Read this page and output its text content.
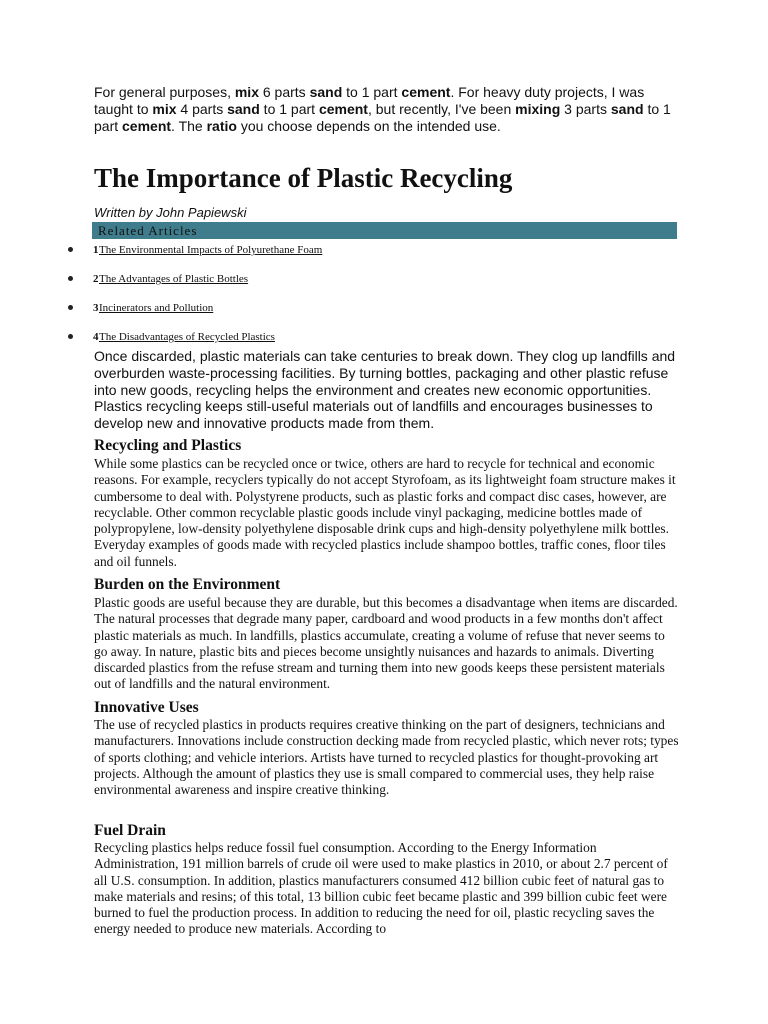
For general purposes, mix 6 parts sand to 1 part cement. For heavy duty projects, I was taught to mix 4 parts sand to 1 part cement, but recently, I've been mixing 3 parts sand to 1 part cement. The ratio you choose depends on the intended use.
The Importance of Plastic Recycling
Written by John Papiewski
Related Articles
1 The Environmental Impacts of Polyurethane Foam
2 The Advantages of Plastic Bottles
3 Incinerators and Pollution
4 The Disadvantages of Recycled Plastics
Once discarded, plastic materials can take centuries to break down. They clog up landfills and overburden waste-processing facilities. By turning bottles, packaging and other plastic refuse into new goods, recycling helps the environment and creates new economic opportunities. Plastics recycling keeps still-useful materials out of landfills and encourages businesses to develop new and innovative products made from them.
Recycling and Plastics

While some plastics can be recycled once or twice, others are hard to recycle for technical and economic reasons. For example, recyclers typically do not accept Styrofoam, as its lightweight foam structure makes it cumbersome to deal with. Polystyrene products, such as plastic forks and compact disc cases, however, are recyclable. Other common recyclable plastic goods include vinyl packaging, medicine bottles made of polypropylene, low-density polyethylene disposable drink cups and high-density polyethylene milk bottles. Everyday examples of goods made with recycled plastics include shampoo bottles, traffic cones, floor tiles and oil funnels.

Burden on the Environment

Plastic goods are useful because they are durable, but this becomes a disadvantage when items are discarded. The natural processes that degrade many paper, cardboard and wood products in a few months don't affect plastic materials as much. In landfills, plastics accumulate, creating a volume of refuse that never seems to go away. In nature, plastic bits and pieces become unsightly nuisances and hazards to animals. Diverting discarded plastics from the refuse stream and turning them into new goods keeps these persistent materials out of landfills and the natural environment.

Innovative Uses

The use of recycled plastics in products requires creative thinking on the part of designers, technicians and manufacturers. Innovations include construction decking made from recycled plastic, which never rots; types of sports clothing; and vehicle interiors. Artists have turned to recycled plastics for thought-provoking art projects. Although the amount of plastics they use is small compared to commercial uses, they help raise environmental awareness and inspire creative thinking.

Fuel Drain

Recycling plastics helps reduce fossil fuel consumption. According to the Energy Information Administration, 191 million barrels of crude oil were used to make plastics in 2010, or about 2.7 percent of all U.S. consumption. In addition, plastics manufacturers consumed 412 billion cubic feet of natural gas to make materials and resins; of this total, 13 billion cubic feet became plastic and 399 billion cubic feet were burned to fuel the production process. In addition to reducing the need for oil, plastic recycling saves the energy needed to produce new materials. According to
